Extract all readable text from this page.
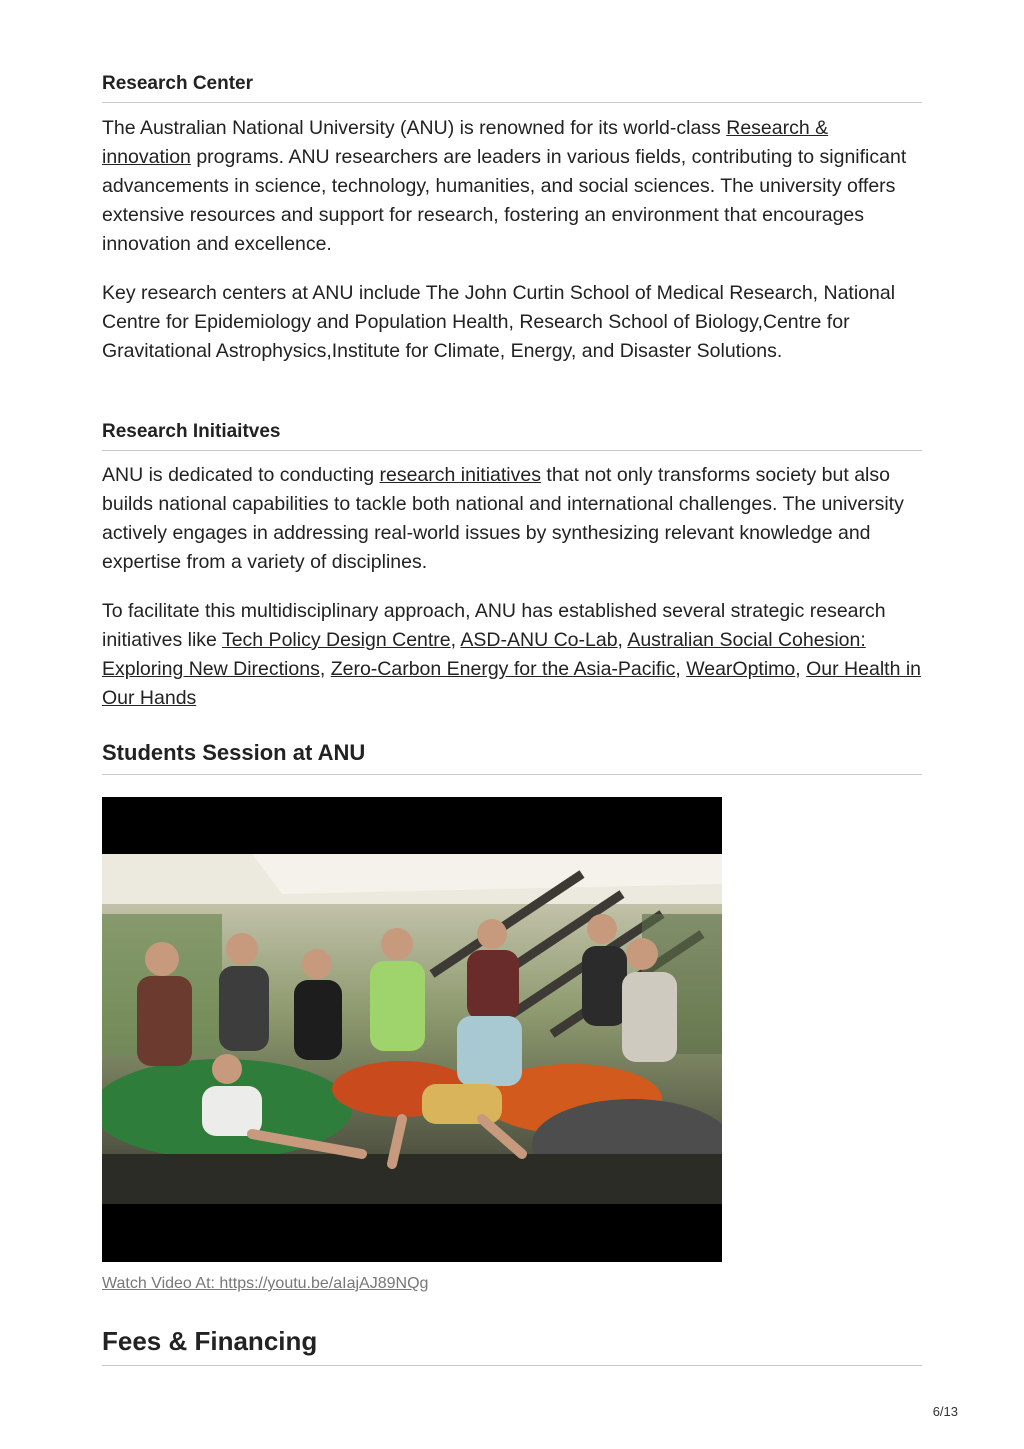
Research Center

The Australian National University (ANU) is renowned for its world-class Research & innovation programs. ANU researchers are leaders in various fields, contributing to significant advancements in science, technology, humanities, and social sciences. The university offers extensive resources and support for research, fostering an environment that encourages innovation and excellence.

Key research centers at ANU include The John Curtin School of Medical Research, National Centre for Epidemiology and Population Health, Research School of Biology,Centre for Gravitational Astrophysics,Institute for Climate, Energy, and Disaster Solutions.

Research Initiaitves

ANU is dedicated to conducting research initiatives that not only transforms society but also builds national capabilities to tackle both national and international challenges. The university actively engages in addressing real-world issues by synthesizing relevant knowledge and expertise from a variety of disciplines.

To facilitate this multidisciplinary approach, ANU has established several strategic research initiatives like Tech Policy Design Centre, ASD-ANU Co-Lab, Australian Social Cohesion: Exploring New Directions, Zero-Carbon Energy for the Asia-Pacific, WearOptimo, Our Health in Our Hands

Students Session at ANU
Watch Video At: https://youtu.be/aIajAJ89NQg
Fees & Financing
6/13
